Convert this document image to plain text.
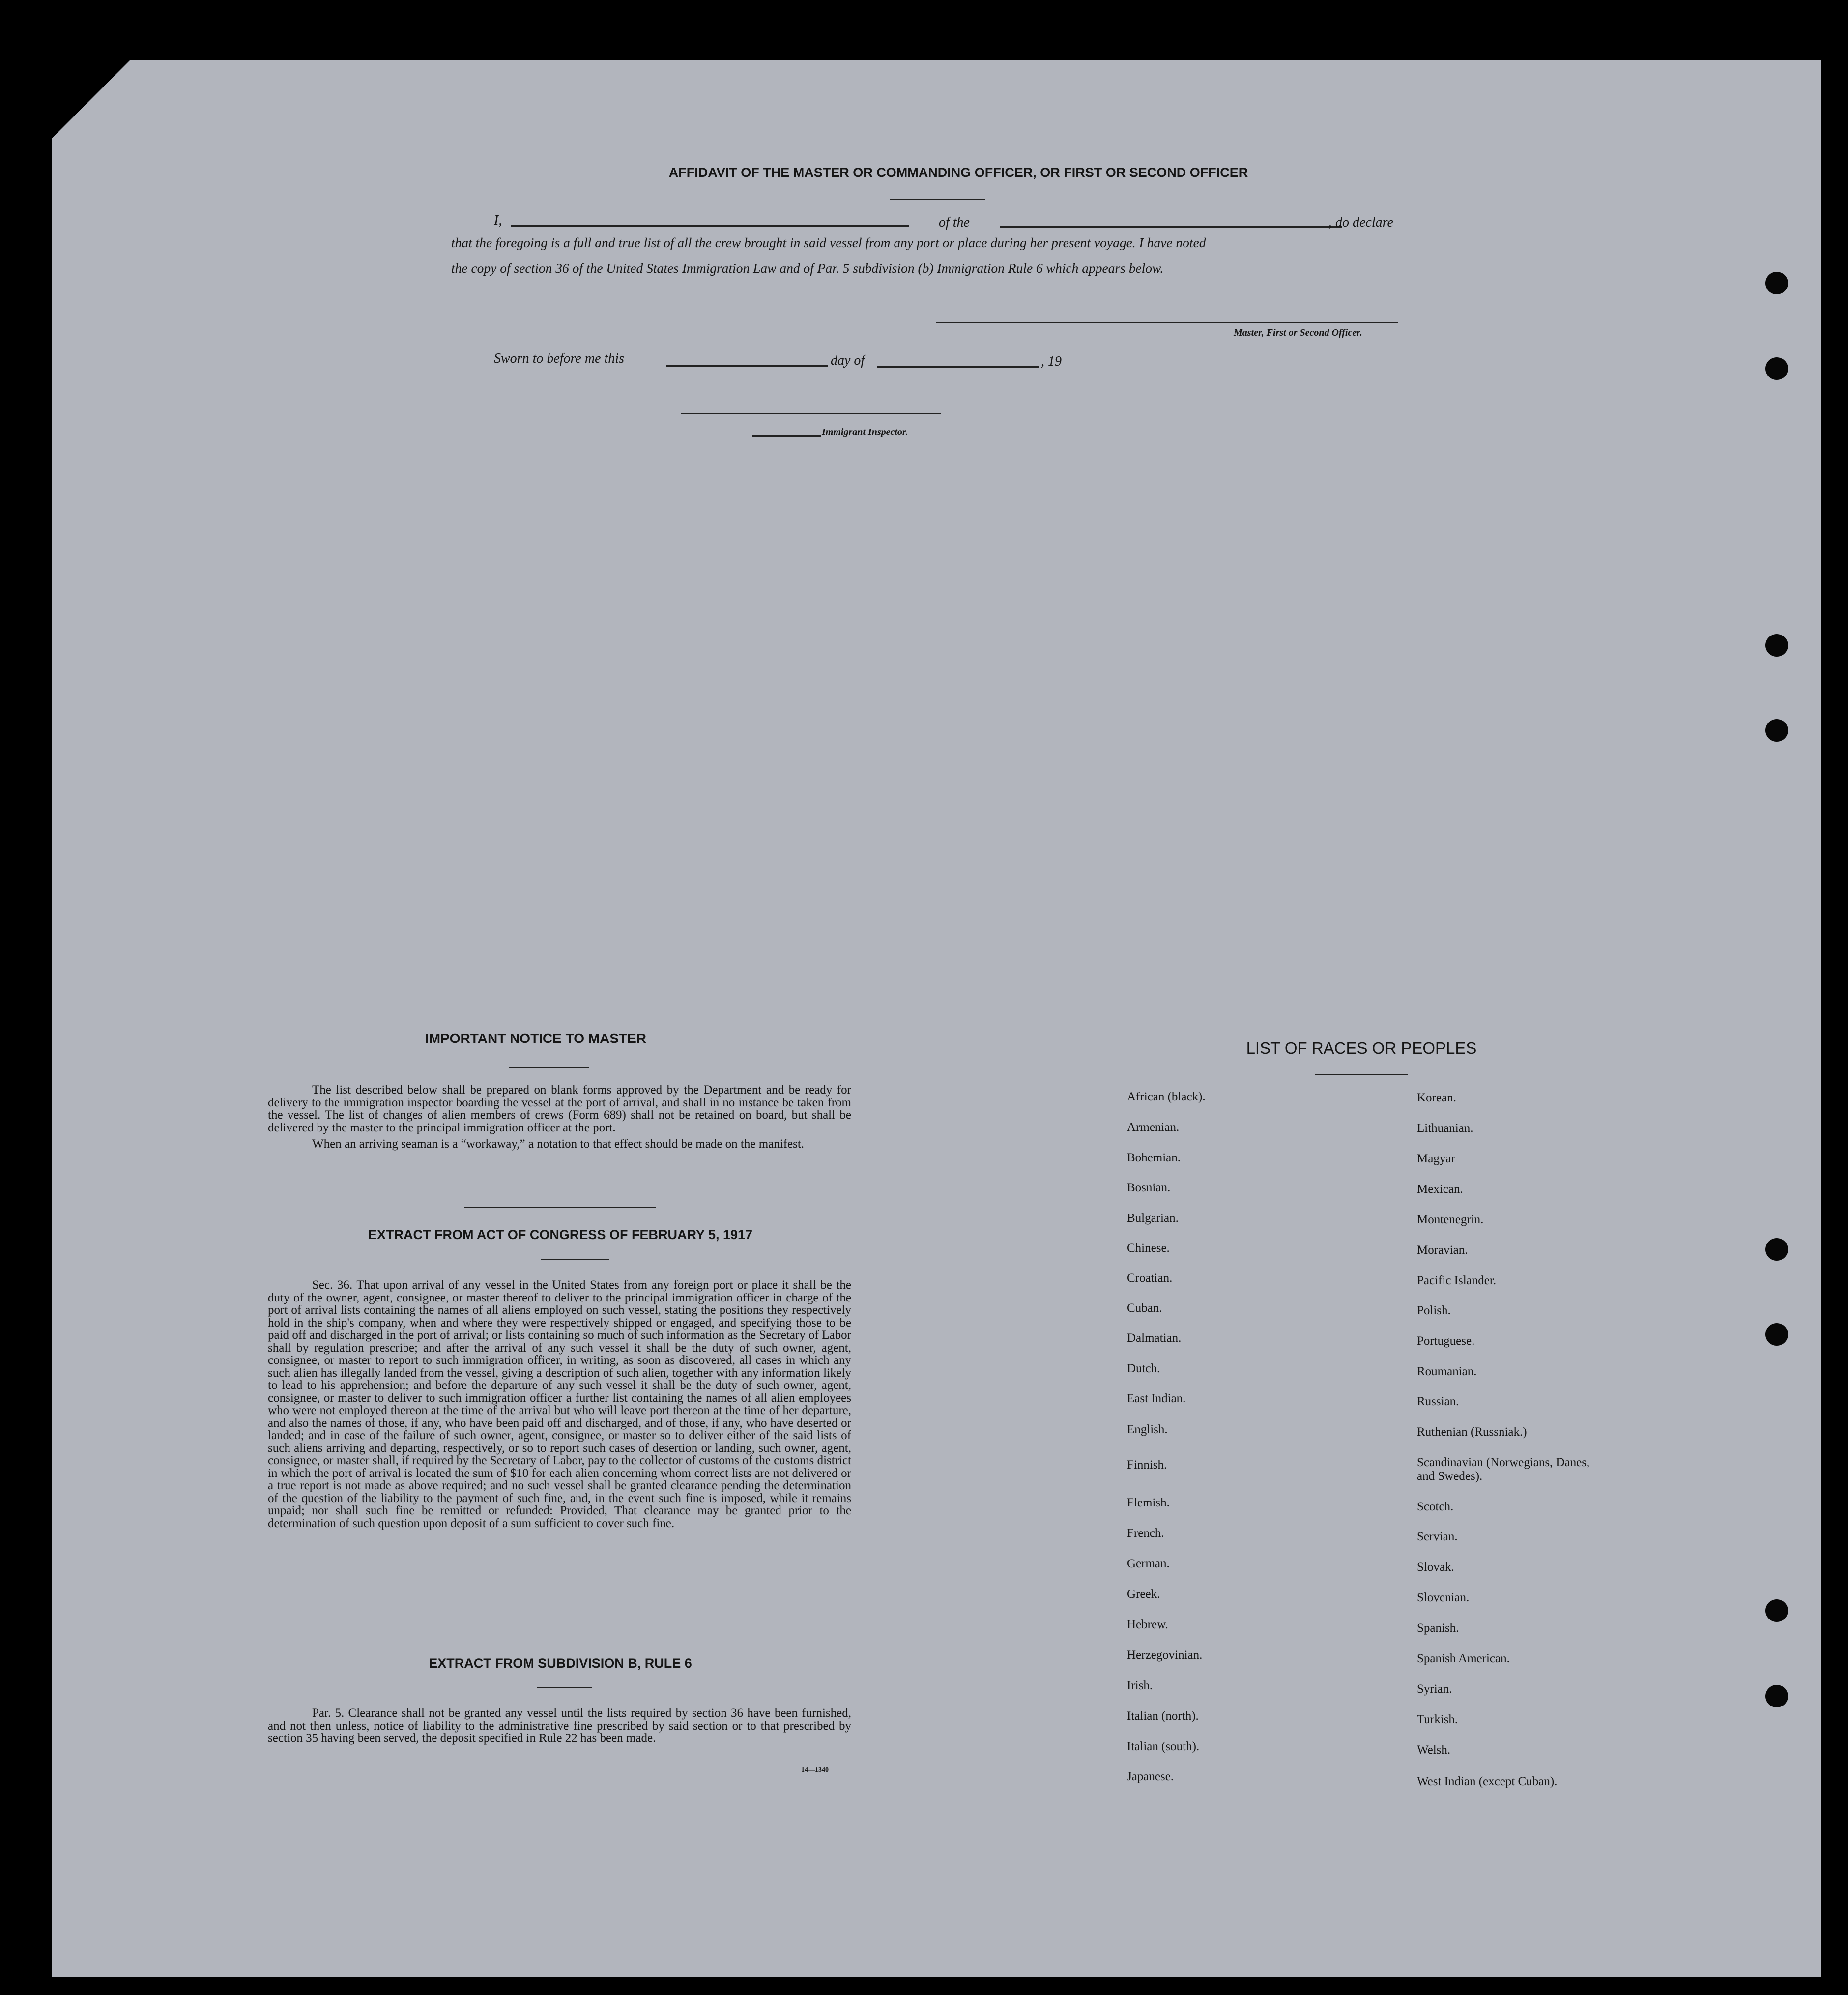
AFFIDAVIT OF THE MASTER OR COMMANDING OFFICER, OR FIRST OR SECOND OFFICER
I,	of the	, do declare
that the foregoing is a full and true list of all the crew brought in said vessel from any port or place during her present voyage. I have noted
the copy of section 36 of the United States Immigration Law and of Par. 5 subdivision (b) Immigration Rule 6 which appears below.
Master, First or Second Officer.
Sworn to before me this	day of	, 19
Immigrant Inspector.
IMPORTANT NOTICE TO MASTER

The list described below shall be prepared on blank forms approved by the Department and be ready for delivery to the immigration inspector boarding the vessel at the port of arrival, and shall in no instance be taken from the vessel. The list of changes of alien members of crews (Form 689) shall not be retained on board, but shall be delivered by the master to the principal immigration officer at the port.

When an arriving seaman is a “workaway,” a notation to that effect should be made on the manifest.

EXTRACT FROM ACT OF CONGRESS OF FEBRUARY 5, 1917

Sec. 36. That upon arrival of any vessel in the United States from any foreign port or place it shall be the duty of the owner, agent, consignee, or master thereof to deliver to the principal immigration officer in charge of the port of arrival lists containing the names of all aliens employed on such vessel, stating the positions they respectively hold in the ship's company, when and where they were respectively shipped or engaged, and specifying those to be paid off and discharged in the port of arrival; or lists containing so much of such information as the Secretary of Labor shall by regulation prescribe; and after the arrival of any such vessel it shall be the duty of such owner, agent, consignee, or master to report to such immigration officer, in writing, as soon as discovered, all cases in which any such alien has illegally landed from the vessel, giving a description of such alien, together with any information likely to lead to his apprehension; and before the departure of any such vessel it shall be the duty of such owner, agent, consignee, or master to deliver to such immigration officer a further list containing the names of all alien employees who were not employed thereon at the time of the arrival but who will leave port thereon at the time of her departure, and also the names of those, if any, who have been paid off and discharged, and of those, if any, who have deserted or landed; and in case of the failure of such owner, agent, consignee, or master so to deliver either of the said lists of such aliens arriving and departing, respectively, or so to report such cases of desertion or landing, such owner, agent, consignee, or master shall, if required by the Secretary of Labor, pay to the collector of customs of the customs district in which the port of arrival is located the sum of $10 for each alien concerning whom correct lists are not delivered or a true report is not made as above required; and no such vessel shall be granted clearance pending the determination of the question of the liability to the payment of such fine, and, in the event such fine is imposed, while it remains unpaid; nor shall such fine be remitted or refunded: Provided, That clearance may be granted prior to the determination of such question upon deposit of a sum sufficient to cover such fine.

EXTRACT FROM SUBDIVISION B, RULE 6

Par. 5. Clearance shall not be granted any vessel until the lists required by section 36 have been furnished, and not then unless, notice of liability to the administrative fine prescribed by said section or to that prescribed by section 35 having been served, the deposit specified in Rule 22 has been made.

14—1340
LIST OF RACES OR PEOPLES
African (black).
Armenian.
Bohemian.
Bosnian.
Bulgarian.
Chinese.
Croatian.
Cuban.
Dalmatian.
Dutch.
East Indian.
English.
Finnish.
Flemish.
French.
German.
Greek.
Hebrew.
Herzegovinian.
Irish.
Italian (north).
Italian (south).
Japanese.
Korean.
Lithuanian.
Magyar
Mexican.
Montenegrin.
Moravian.
Pacific Islander.
Polish.
Portuguese.
Roumanian.
Russian.
Ruthenian (Russniak.)
Scandinavian (Norwegians, Danes, and Swedes).
Scotch.
Servian.
Slovak.
Slovenian.
Spanish.
Spanish American.
Syrian.
Turkish.
Welsh.
West Indian (except Cuban).
